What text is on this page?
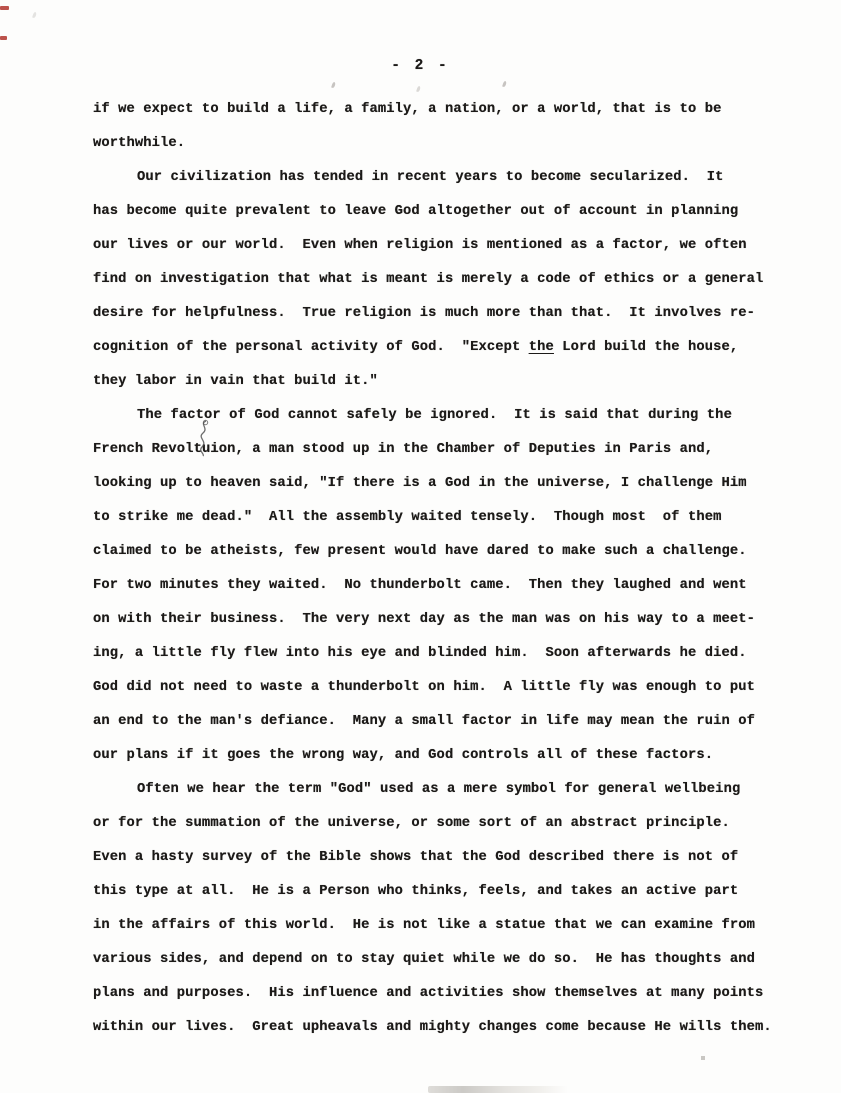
- 2 -
if we expect to build a life, a family, a nation, or a world, that is to be
worthwhile.
Our civilization has tended in recent years to become secularized.  It
has become quite prevalent to leave God altogether out of account in planning
our lives or our world.  Even when religion is mentioned as a factor, we often
find on investigation that what is meant is merely a code of ethics or a general
desire for helpfulness.  True religion is much more than that.  It involves re-
cognition of the personal activity of God.  "Except the Lord build the house,
they labor in vain that build it."
The factor of God cannot safely be ignored.  It is said that during the
French Revoltu
ion, a man stood up in the Chamber of Deputies in Paris and,
looking up to heaven said, "If there is a God in the universe, I challenge Him
to strike me dead."  All the assembly waited tensely.  Though most  of them
claimed to be atheists, few present would have dared to make such a challenge.
For two minutes they waited.  No thunderbolt came.  Then they laughed and went
on with their business.  The very next day as the man was on his way to a meet-
ing, a little fly flew into his eye and blinded him.  Soon afterwards he died.
God did not need to waste a thunderbolt on him.  A little fly was enough to put
an end to the man's defiance.  Many a small factor in life may mean the ruin of
our plans if it goes the wrong way, and God controls all of these factors.
Often we hear the term "God" used as a mere symbol for general wellbeing
or for the summation of the universe, or some sort of an abstract principle.
Even a hasty survey of the Bible shows that the God described there is not of
this type at all.  He is a Person who thinks, feels, and takes an active part
in the affairs of this world.  He is not like a statue that we can examine from
various sides, and depend on to stay quiet while we do so.  He has thoughts and
plans and purposes.  His influence and activities show themselves at many points
within our lives.  Great upheavals and mighty changes come because He wills them.
